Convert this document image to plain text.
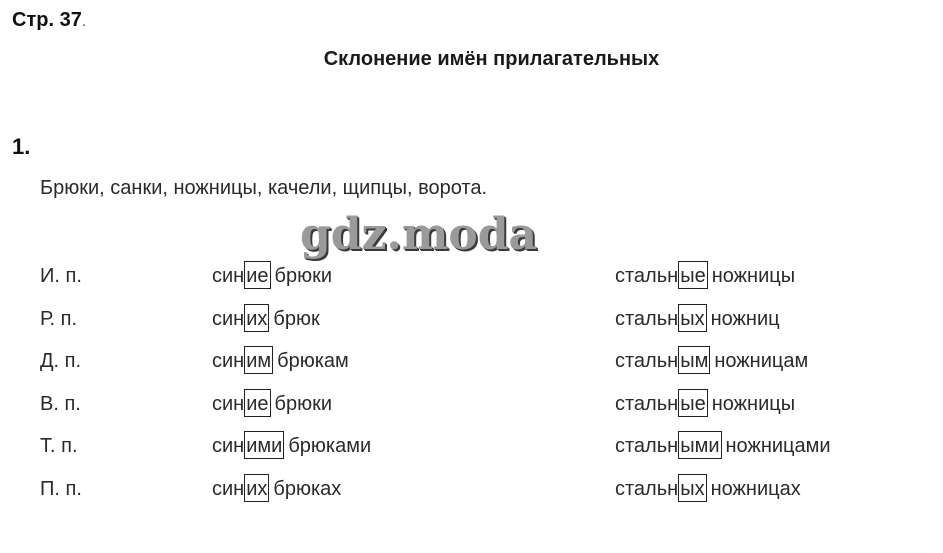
Стр. 37.
Склонение имён прилагательных
1.
Брюки, санки, ножницы, качели, щипцы, ворота.
gdz.moda
И. п.	син ие брюки	стальн ые ножницы
Р. п.	син их брюк	стальн ых ножниц
Д. п.	син им брюкам	стальн ым ножницам
В. п.	син ие брюки	стальн ые ножницы
Т. п.	син ими брюками	стальн ыми ножницами
П. п.	син их брюках	стальн ых ножницах
